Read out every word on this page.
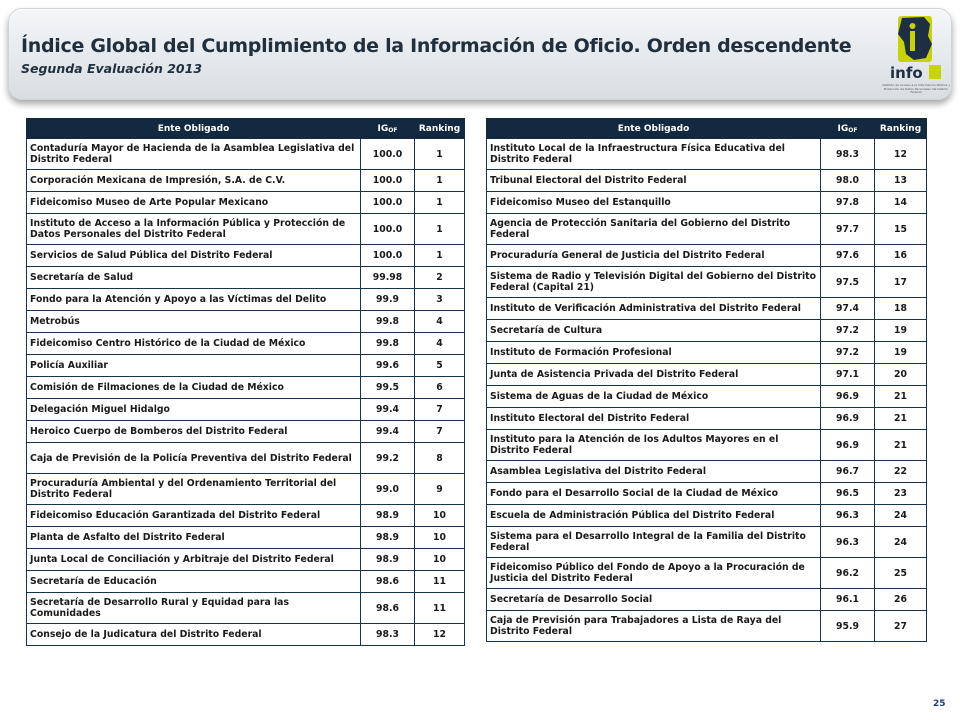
Índice Global del Cumplimiento de la Información de Oficio. Orden descendente
Segunda Evaluación 2013	info
Instituto de Acceso a la Información Pública y Protección de Datos Personales del Distrito Federal
Ente Obligado	$IG_{OF}$	Ranking
Contaduría Mayor de Hacienda de la Asamblea Legislativa del Distrito Federal	100.0	1
Corporación Mexicana de Impresión, S.A. de C.V.	100.0	1
Fideicomiso Museo de Arte Popular Mexicano	100.0	1
Instituto de Acceso a la Información Pública y Protección de Datos Personales del Distrito Federal	100.0	1
Servicios de Salud Pública del Distrito Federal	100.0	1
Secretaría de Salud	99.98	2
Fondo para la Atención y Apoyo a las Víctimas del Delito	99.9	3
Metrobús	99.8	4
Fideicomiso Centro Histórico de la Ciudad de México	99.8	4
Policía Auxiliar	99.6	5
Comisión de Filmaciones de la Ciudad de México	99.5	6
Delegación Miguel Hidalgo	99.4	7
Heroico Cuerpo de Bomberos del Distrito Federal	99.4	7
Caja de Previsión de la Policía Preventiva del Distrito Federal	99.2	8
Procuraduría Ambiental y del Ordenamiento Territorial del Distrito Federal	99.0	9
Fideicomiso Educación Garantizada del Distrito Federal	98.9	10
Planta de Asfalto del Distrito Federal	98.9	10
Junta Local de Conciliación y Arbitraje del Distrito Federal	98.9	10
Secretaría de Educación	98.6	11
Secretaría de Desarrollo Rural y Equidad para las Comunidades	98.6	11
Consejo de la Judicatura del Distrito Federal	98.3	12
Ente Obligado	$IG_{OF}$	Ranking
Instituto Local de la Infraestructura Física Educativa del Distrito Federal	98.3	12
Tribunal Electoral del Distrito Federal	98.0	13
Fideicomiso Museo del Estanquillo	97.8	14
Agencia de Protección Sanitaria del Gobierno del Distrito Federal	97.7	15
Procuraduría General de Justicia del Distrito Federal	97.6	16
Sistema de Radio y Televisión Digital del Gobierno del Distrito Federal (Capital 21)	97.5	17
Instituto de Verificación Administrativa del Distrito Federal	97.4	18
Secretaría de Cultura	97.2	19
Instituto de Formación Profesional	97.2	19
Junta de Asistencia Privada del Distrito Federal	97.1	20
Sistema de Aguas de la Ciudad de México	96.9	21
Instituto Electoral del Distrito Federal	96.9	21
Instituto para la Atención de los Adultos Mayores en el Distrito Federal	96.9	21
Asamblea Legislativa del Distrito Federal	96.7	22
Fondo para el Desarrollo Social de la Ciudad de México	96.5	23
Escuela de Administración Pública del Distrito Federal	96.3	24
Sistema para el Desarrollo Integral de la Familia del Distrito Federal	96.3	24
Fideicomiso Público del Fondo de Apoyo a la Procuración de Justicia del Distrito Federal	96.2	25
Secretaría de Desarrollo Social	96.1	26
Caja de Previsión para Trabajadores a Lista de Raya del Distrito Federal	95.9	27
25
